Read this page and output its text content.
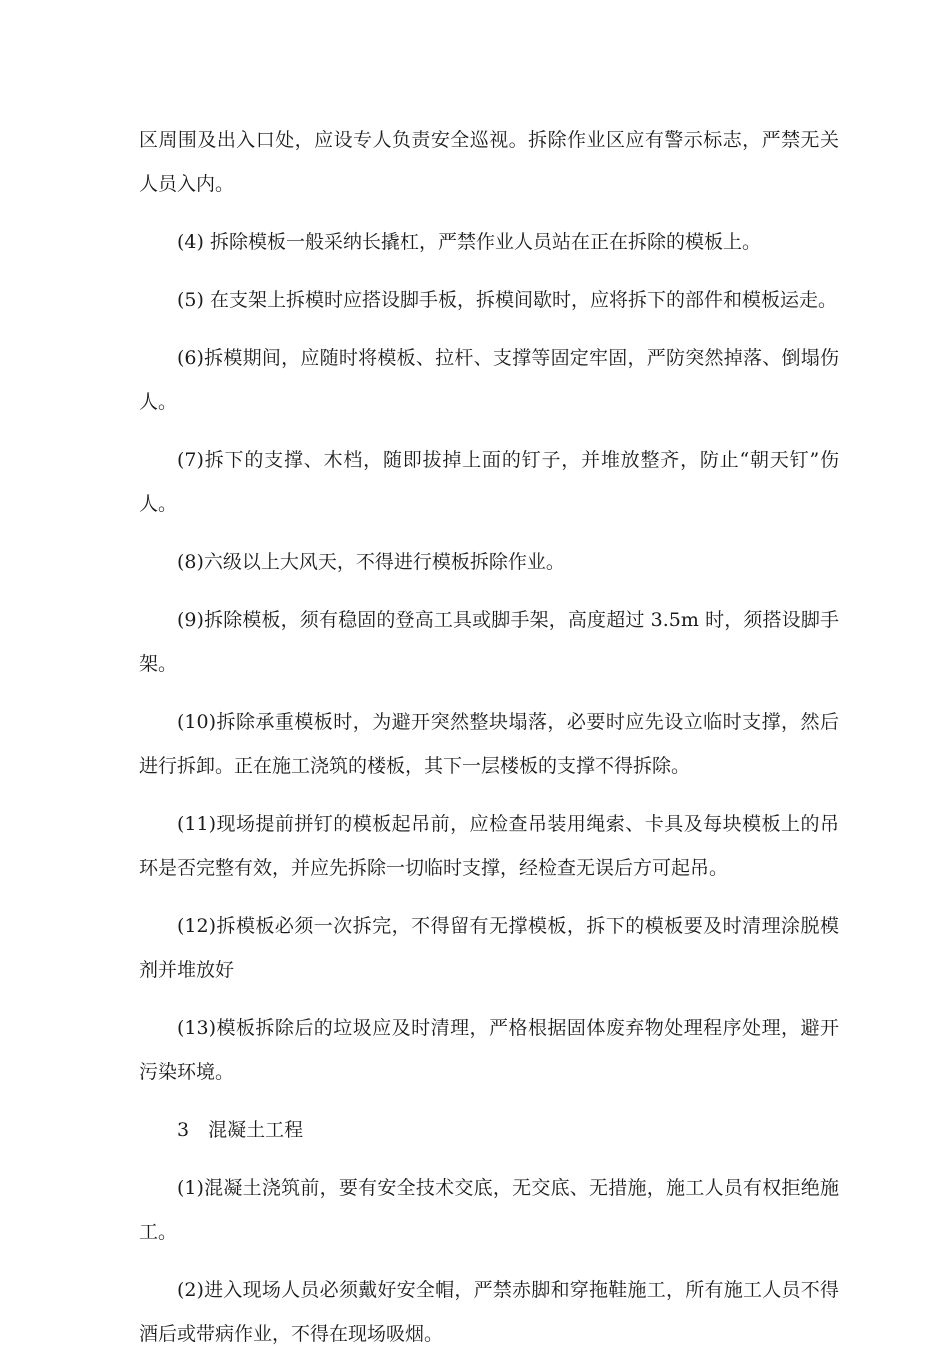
区周围及出入口处，应设专人负责安全巡视。拆除作业区应有警示标志，严禁无关人员入内。

(4) 拆除模板一般采纳长撬杠，严禁作业人员站在正在拆除的模板上。

(5) 在支架上拆模时应搭设脚手板，拆模间歇时，应将拆下的部件和模板运走。

(6)拆模期间，应随时将模板、拉杆、支撑等固定牢固，严防突然掉落、倒塌伤人。

(7)拆下的支撑、木档，随即拔掉上面的钉子，并堆放整齐，防止“朝天钉”伤人。

(8)六级以上大风天，不得进行模板拆除作业。

(9)拆除模板，须有稳固的登高工具或脚手架，高度超过 3.5m 时，须搭设脚手架。

(10)拆除承重模板时，为避开突然整块塌落，必要时应先设立临时支撑，然后进行拆卸。正在施工浇筑的楼板，其下一层楼板的支撑不得拆除。

(11)现场提前拼钉的模板起吊前，应检查吊装用绳索、卡具及每块模板上的吊环是否完整有效，并应先拆除一切临时支撑，经检查无误后方可起吊。

(12)拆模板必须一次拆完，不得留有无撑模板，拆下的模板要及时清理涂脱模剂并堆放好

(13)模板拆除后的垃圾应及时清理，严格根据固体废弃物处理程序处理，避开污染环境。

3　混凝土工程

(1)混凝土浇筑前，要有安全技术交底，无交底、无措施，施工人员有权拒绝施工。

(2)进入现场人员必须戴好安全帽，严禁赤脚和穿拖鞋施工，所有施工人员不得酒后或带病作业，不得在现场吸烟。
